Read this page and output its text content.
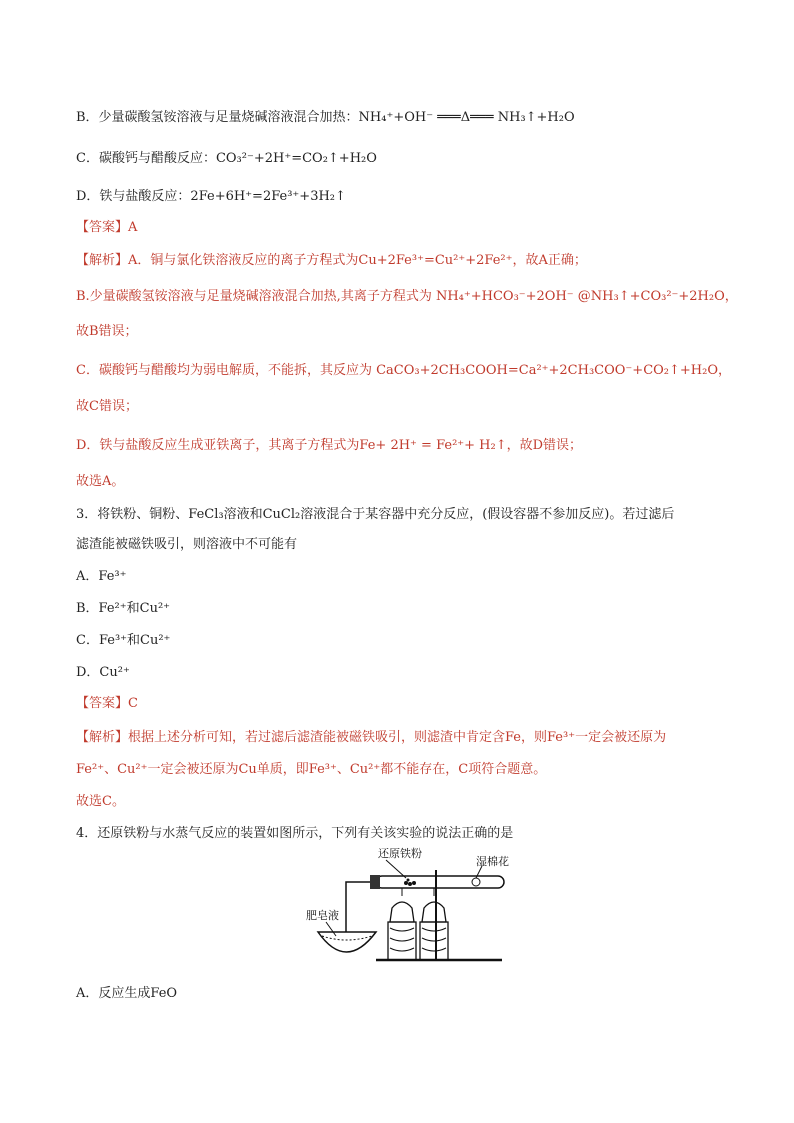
B．少量碳酸氢铵溶液与足量烧碱溶液混合加热：NH₄⁺+OH⁻ ═══Δ═══ NH₃↑+H₂O
C．碳酸钙与醋酸反应：CO₃²⁻+2H⁺=CO₂↑+H₂O
D．铁与盐酸反应：2Fe+6H⁺=2Fe³⁺+3H₂↑
【答案】A
【解析】A．铜与氯化铁溶液反应的离子方程式为Cu+2Fe³⁺=Cu²⁺+2Fe²⁺，故A正确；
B.少量碳酸氢铵溶液与足量烧碱溶液混合加热,其离子方程式为 NH₄⁺+HCO₃⁻+2OH⁻ @NH₃↑+CO₃²⁻+2H₂O，
故B错误；
C．碳酸钙与醋酸均为弱电解质，不能拆，其反应为 CaCO₃+2CH₃COOH=Ca²⁺+2CH₃COO⁻+CO₂↑+H₂O，
故C错误；
D．铁与盐酸反应生成亚铁离子，其离子方程式为Fe+ 2H⁺ = Fe²⁺+ H₂↑，故D错误；
故选A。
3．将铁粉、铜粉、FeCl₃溶液和CuCl₂溶液混合于某容器中充分反应，(假设容器不参加反应)。若过滤后
滤渣能被磁铁吸引，则溶液中不可能有
A．Fe³⁺
B．Fe²⁺和Cu²⁺
C．Fe³⁺和Cu²⁺
D．Cu²⁺
【答案】C
【解析】根据上述分析可知，若过滤后滤渣能被磁铁吸引，则滤渣中肯定含Fe，则Fe³⁺一定会被还原为
Fe²⁺、Cu²⁺一定会被还原为Cu单质，即Fe³⁺、Cu²⁺都不能存在，C项符合题意。
故选C。
4．还原铁粉与水蒸气反应的装置如图所示，下列有关该实验的说法正确的是
还原铁粉
湿棉花
肥皂液
A．反应生成FeO
